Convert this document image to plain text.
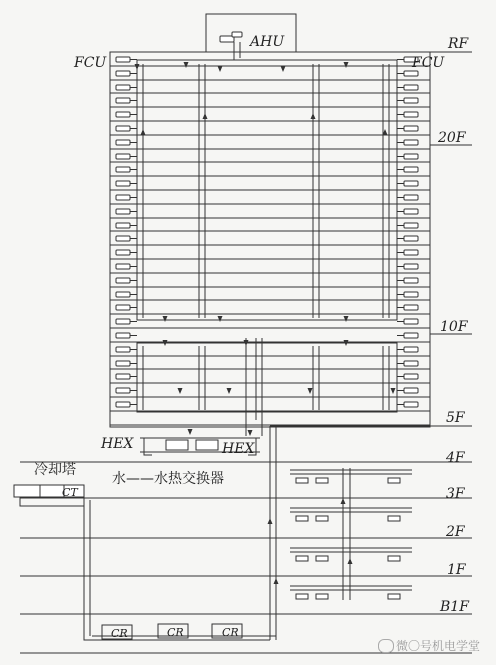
AHU
FCU	FCU
RF
20F
10F
5F
4F
3F
2F
1F
B1F
HEX	HEX
水——水热交换器
冷却塔
CT
CR	CR	CR
微〇号机电学堂
